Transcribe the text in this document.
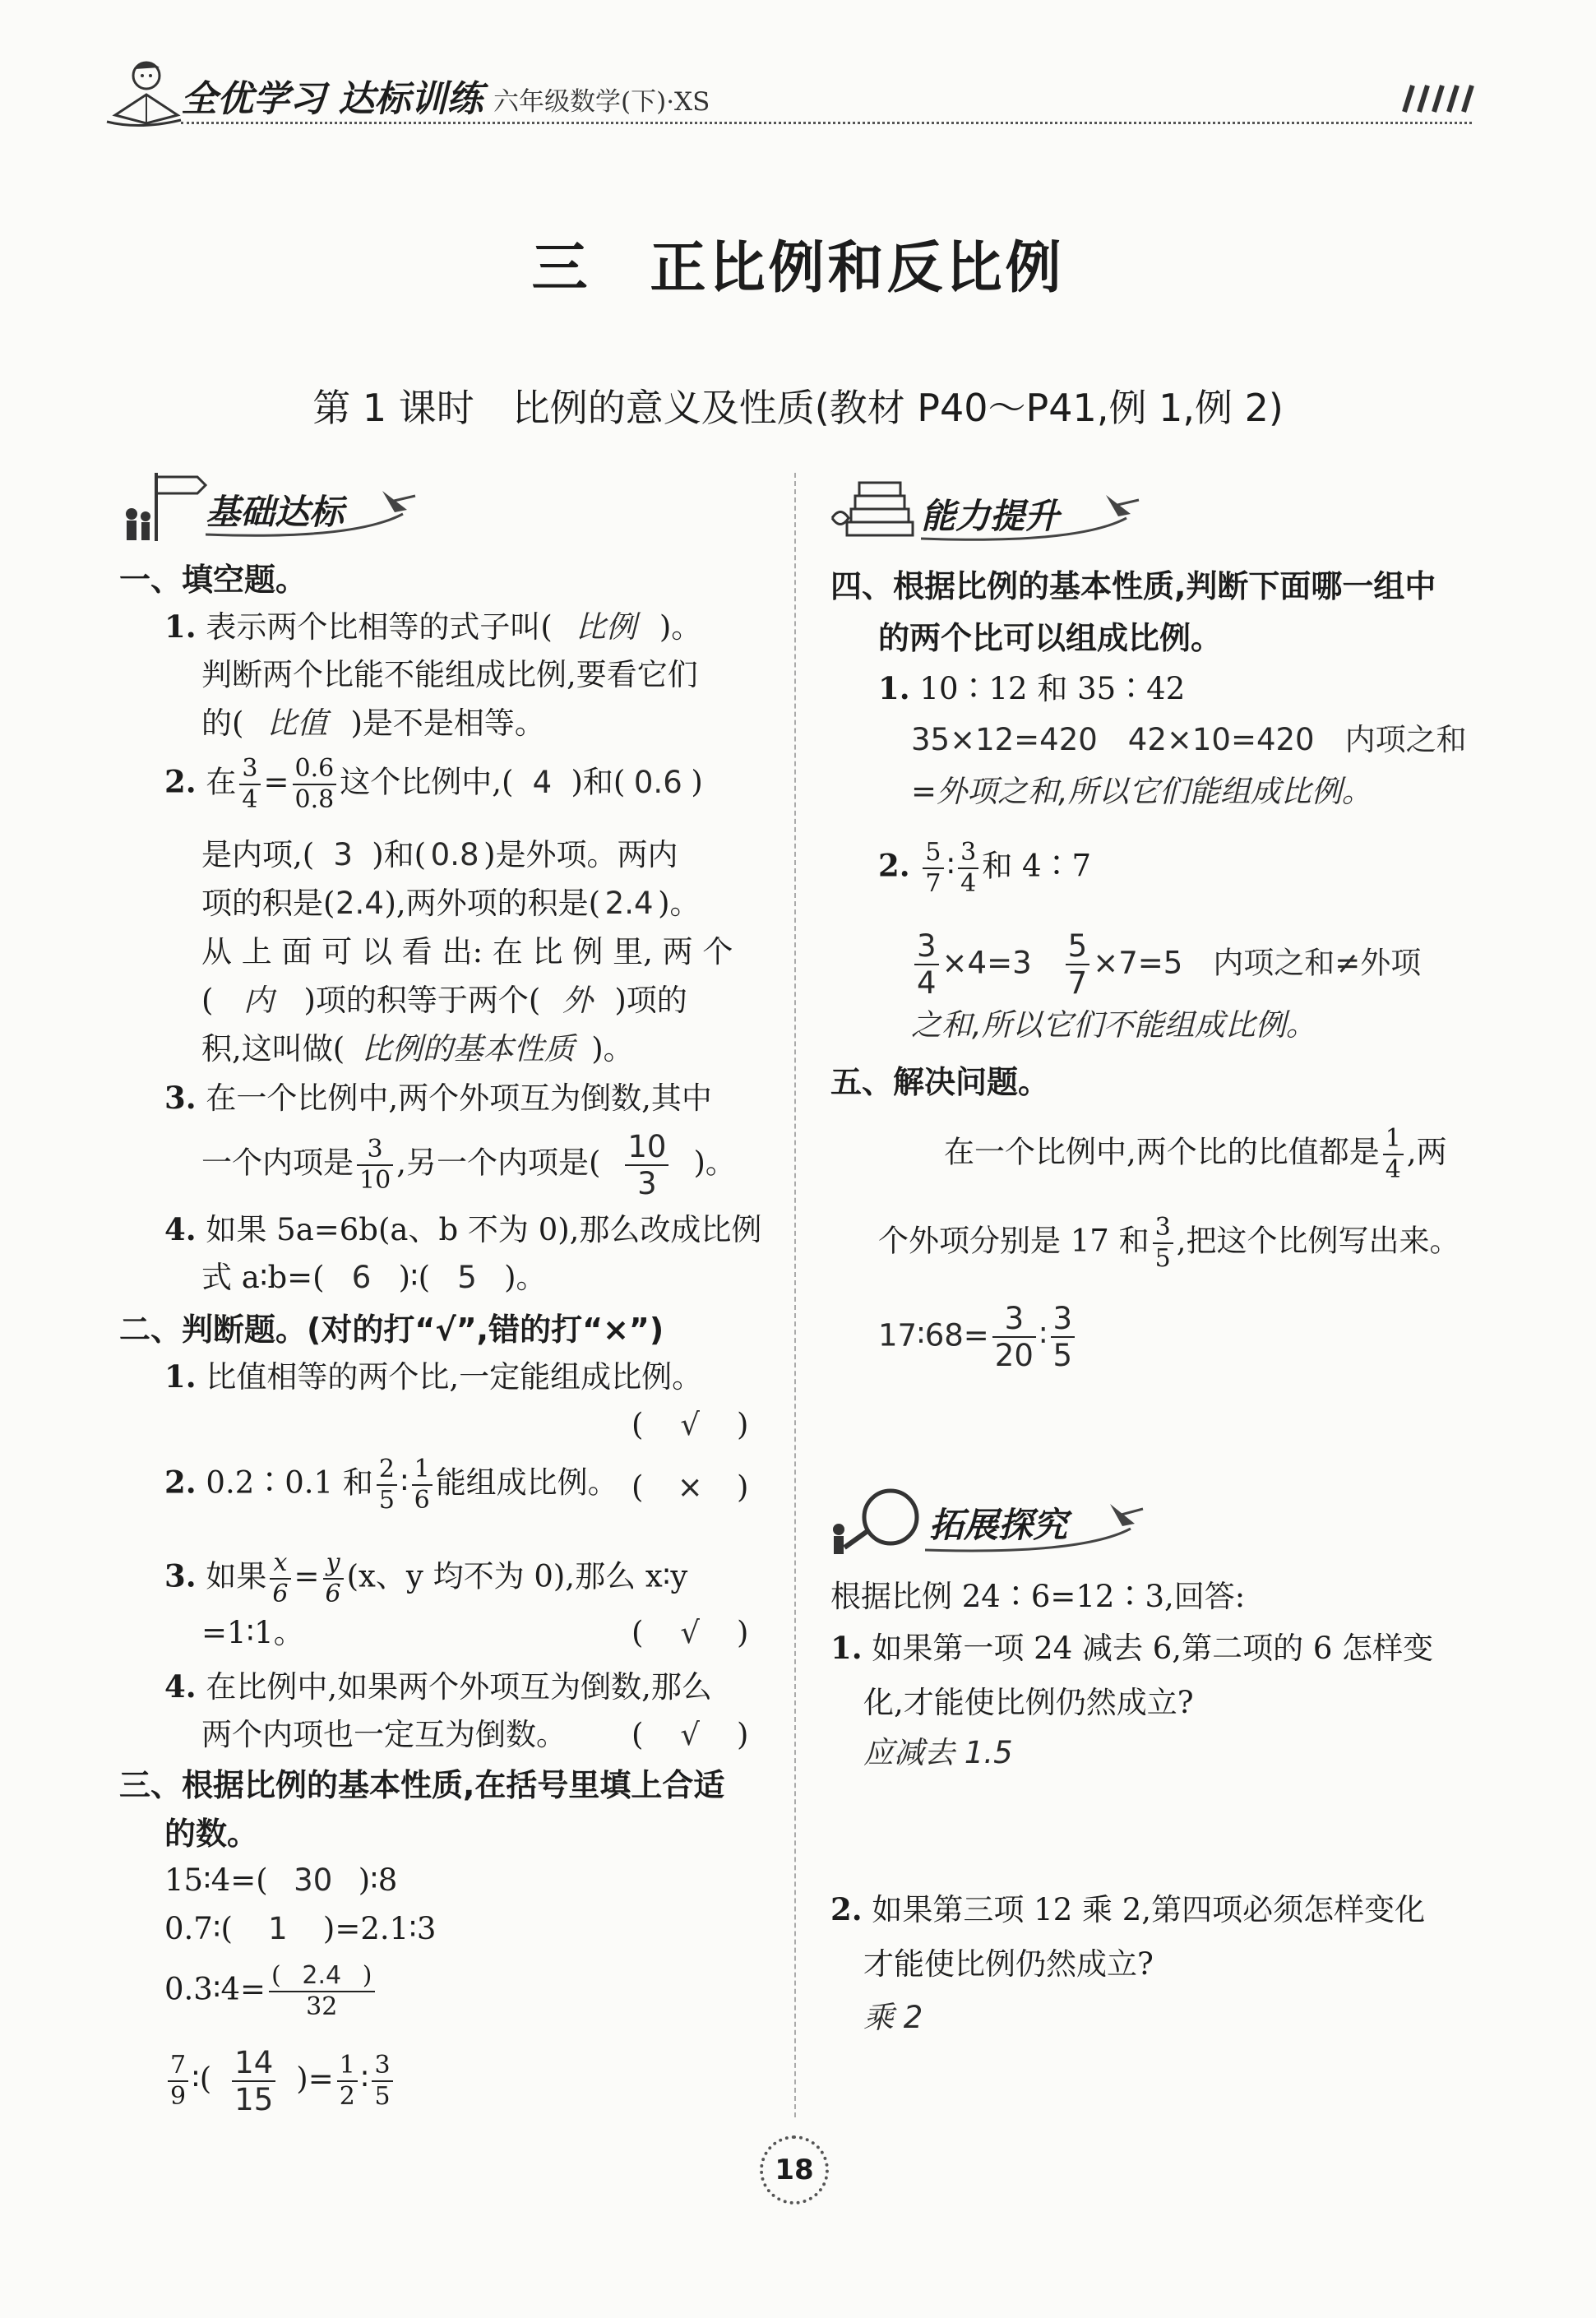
全优学习 达标训练 六年级数学(下)·XS
三　正比例和反比例
第 1 课时　比例的意义及性质(教材 P40～P41,例 1,例 2)
基础达标
一、填空题。
1. 表示两个比相等的式子叫( 比例 )。
判断两个比能不能组成比例,要看它们
的( 比值 )是不是相等。
2. 在 $\frac{3}{4} = \frac{0.6}{0.8}$ 这个比例中,( 4 )和( 0.6 )
是内项,( 3 )和( 0.8 )是外项。两内
项的积是(2.4),两外项的积是( 2.4 )。
从 上 面 可 以 看 出: 在 比 例 里, 两 个
( 内 )项的积等于两个( 外 )项的
积,这叫做( 比例的基本性质 )。
3. 在一个比例中,两个外项互为倒数,其中
一个内项是 $\frac{3}{10}$ ,另一个内项是( $\frac{10}{3}$ )。
4. 如果 5a=6b(a、b 不为 0),那么改成比例
式 a∶b=( 6 )∶( 5 )。
二、判断题。(对的打“√”,错的打“×”)
1. 比值相等的两个比,一定能组成比例。
( √ )
2. 0.2∶0.1 和 $\frac{2}{5}$ ∶ $\frac{1}{6}$ 能组成比例。 ( × )
3. 如果 $\frac{x}{6} = \frac{y}{6} (x$、y 均不为 0),那么 x∶y
=1∶1。	( √ )
4. 在比例中,如果两个外项互为倒数,那么
两个内项也一定互为倒数。 ( √ )
三、根据比例的基本性质,在括号里填上合适
的数。
15∶4=( 30 )∶8
0.7∶( 1 )=2.1∶3
0.3∶4= $\frac{( 2.4 )}{32}$
$\frac{7}{9}$ ∶( $\frac{14}{15}$ )= $\frac{1}{2}$ ∶ $\frac{3}{5}$
能力提升
四、根据比例的基本性质,判断下面哪一组中
的两个比可以组成比例。
1. 10∶12 和 35∶42
35×12=420　42×10=420　内项之和
=外项之和,所以它们能组成比例。
2. $\frac{5}{7}$ ∶ $\frac{3}{4}$ 和 4∶7
$\frac{3}{4} \times 4=3$　 $\frac{5}{7} \times 7=5$　内项之和≠外项
之和,所以它们不能组成比例。
五、解决问题。
在一个比例中,两个比的比值都是 $\frac{1}{4}$ ,两
个外项分别是 17 和 $\frac{3}{5}$ ,把这个比例写出来。
17∶68= $\frac{3}{20}$ ∶ $\frac{3}{5}$
拓展探究
根据比例 24∶6=12∶3,回答:
1. 如果第一项 24 减去 6,第二项的 6 怎样变
化,才能使比例仍然成立?
应减去 1.5
2. 如果第三项 12 乘 2,第四项必须怎样变化
才能使比例仍然成立?
乘 2
18
